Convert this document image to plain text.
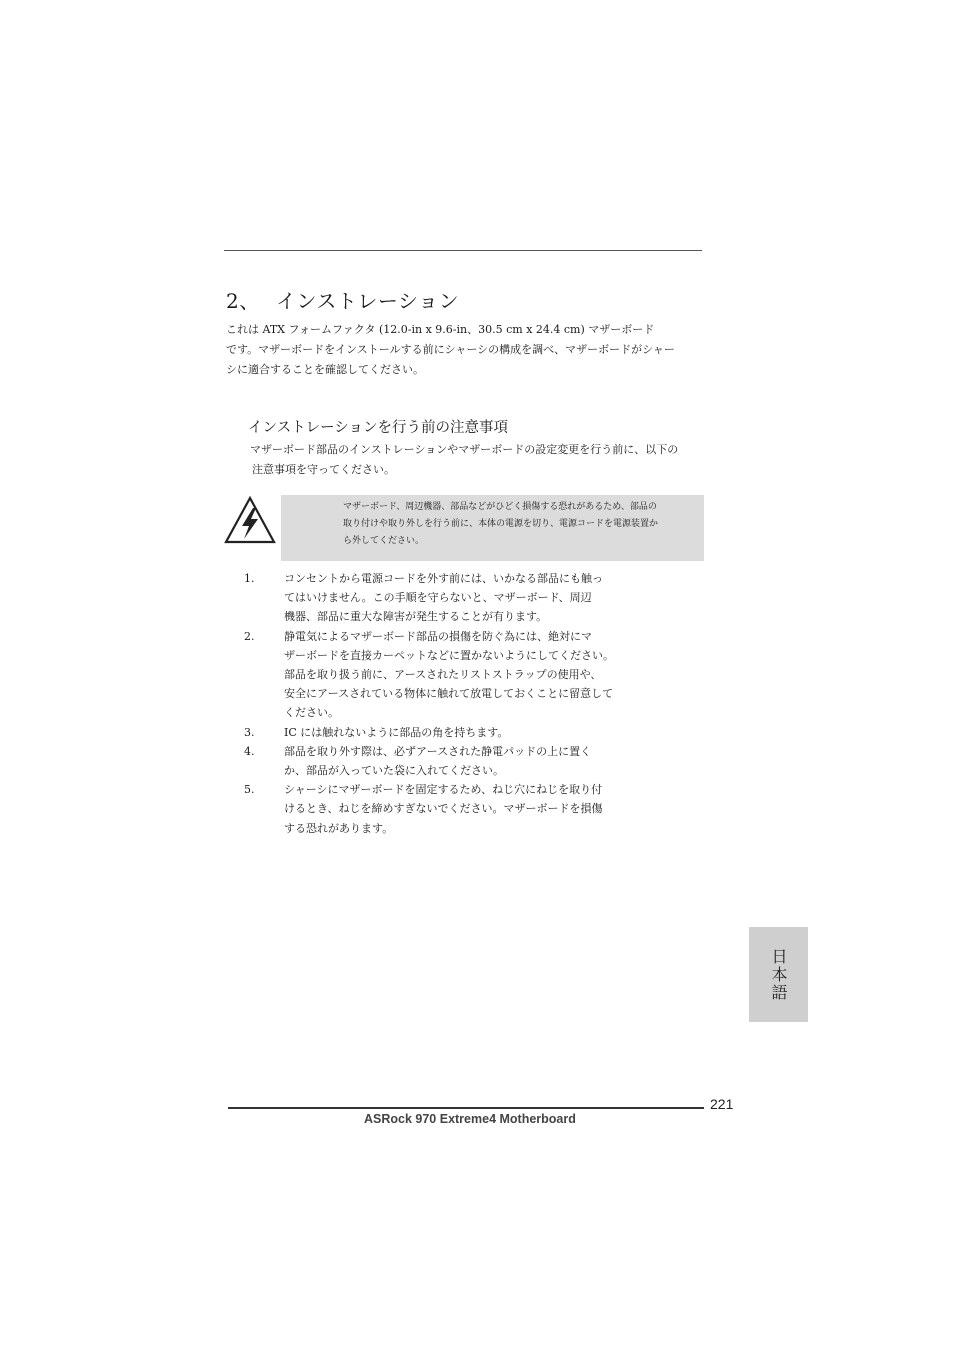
2、 インストレーション

これは ATX フォームファクタ (12.0-in x 9.6-in、30.5 cm x 24.4 cm) マザーボード
です。マザーボードをインストールする前にシャーシの構成を調べ、マザーボードがシャー
シに適合することを確認してください。

インストレーションを行う前の注意事項

マザーボード部品のインストレーションやマザーボードの設定変更を行う前に、以下の
注意事項を守ってください。

マザーボード、周辺機器、部品などがひどく損傷する恐れがあるため、部品の
取り付けや取り外しを行う前に、本体の電源を切り、電源コードを電源装置か
ら外してください。

1.	コンセントから電源コードを外す前には、いかなる部品にも触っ
てはいけません。この手順を守らないと、マザーボード、周辺
機器、部品に重大な障害が発生することが有ります。
2.	静電気によるマザーボード部品の損傷を防ぐ為には、絶対にマ
ザーボードを直接カーペットなどに置かないようにしてください。
部品を取り扱う前に、アースされたリストストラップの使用や、
安全にアースされている物体に触れて放電しておくことに留意して
ください。
3.	IC には触れないように部品の角を持ちます。
4.	部品を取り外す際は、必ずアースされた静電パッドの上に置く
か、部品が入っていた袋に入れてください。
5.	シャーシにマザーボードを固定するため、ねじ穴にねじを取り付
けるとき、ねじを締めすぎないでください。マザーボードを損傷
する恐れがあります。
日本語
221
ASRock 970 Extreme4 Motherboard
